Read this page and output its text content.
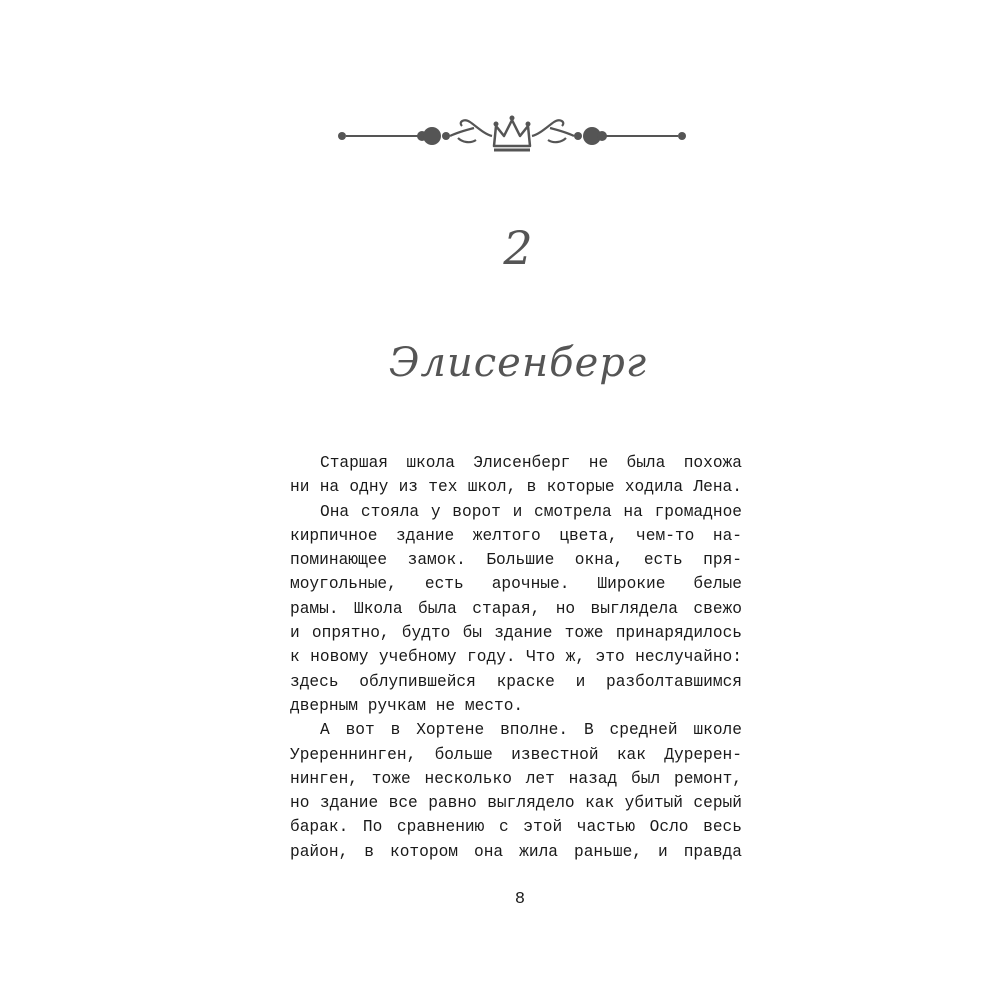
2
Элисенберг
Старшая школа Элисенберг не была похожа
ни на одну из тех школ, в которые ходила Лена.
Она стояла у ворот и смотрела на громадное
кирпичное здание желтого цвета, чем-то на-
поминающее замок. Большие окна, есть пря-
моугольные, есть арочные. Широкие белые
рамы. Школа была старая, но выглядела свежо
и опрятно, будто бы здание тоже принарядилось
к новому учебному году. Что ж, это неслучайно:
здесь облупившейся краске и разболтавшимся
дверным ручкам не место.
А вот в Хортене вполне. В средней школе
Уререннинген, больше известной как Дуререн-
нинген, тоже несколько лет назад был ремонт,
но здание все равно выглядело как убитый серый
барак. По сравнению с этой частью Осло весь
район, в котором она жила раньше, и правда
8
